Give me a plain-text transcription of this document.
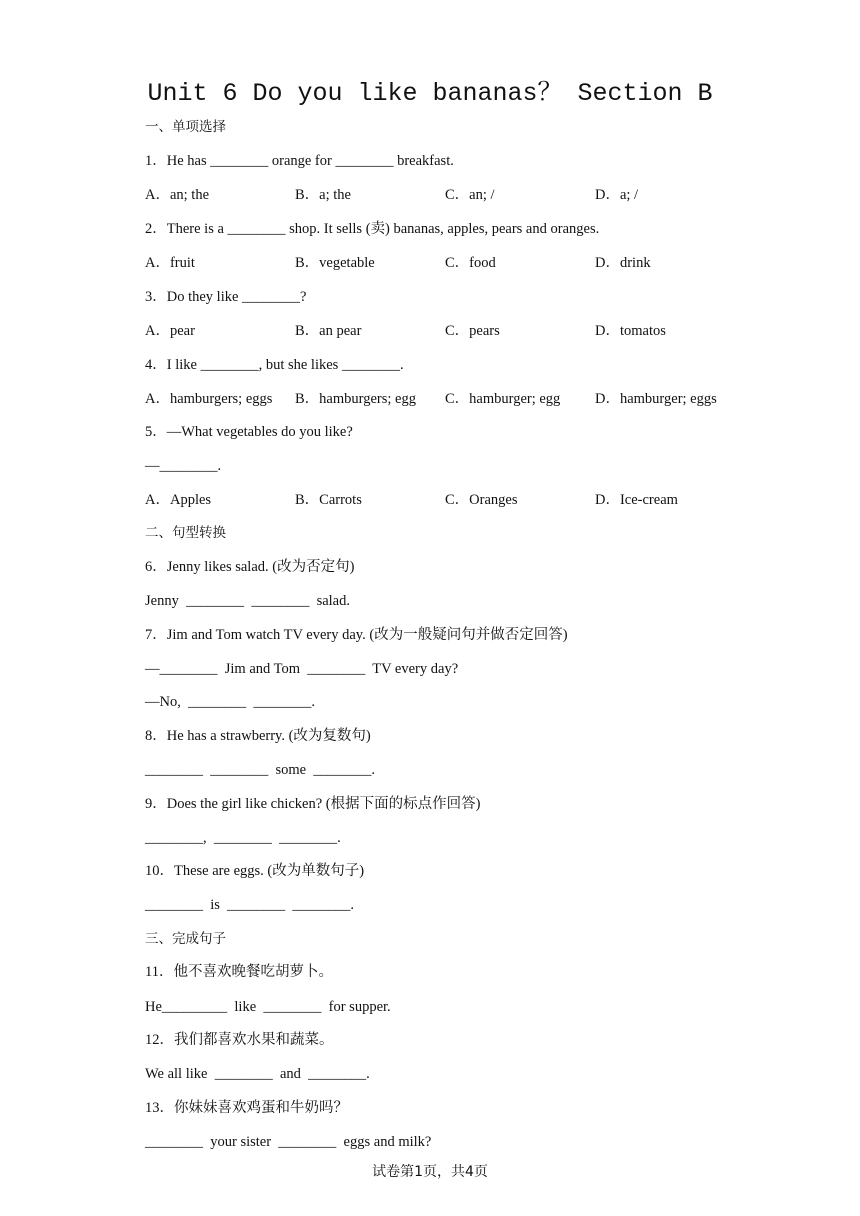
Unit 6 Do you like bananas？ Section B
一、单项选择
1．He has ________ orange for ________ breakfast.
A．an; the	B．a; the	C．an; /	D．a; /
2．There is a ________ shop. It sells (卖) bananas, apples, pears and oranges.
A．fruit	B．vegetable	C．food	D．drink
3．Do they like ________?
A．pear	B．an pear	C．pears	D．tomatos
4．I like ________, but she likes ________.
A．hamburgers; eggs B．hamburgers; egg C．hamburger; egg D．hamburger; eggs
5．—What vegetables do you like?
—________.
A．Apples	B．Carrots	C．Oranges	D．Ice-cream
二、句型转换
6．Jenny likes salad. (改为否定句)
Jenny  ________  ________  salad.
7．Jim and Tom watch TV every day. (改为一般疑问句并做否定回答)
—________  Jim and Tom  ________  TV every day?
—No,  ________  ________.
8．He has a strawberry. (改为复数句)
________  ________  some  ________.
9．Does the girl like chicken? (根据下面的标点作回答)
________,  ________  ________.
10．These are eggs. (改为单数句子)
________  is  ________  ________.
三、完成句子
11．他不喜欢晚餐吃胡萝卜。
He_________  like  ________  for supper.
12．我们都喜欢水果和蔬菜。
We all like  ________  and  ________.
13．你妹妹喜欢鸡蛋和牛奶吗？
________  your sister  ________  eggs and milk?
试卷第1页，共4页
